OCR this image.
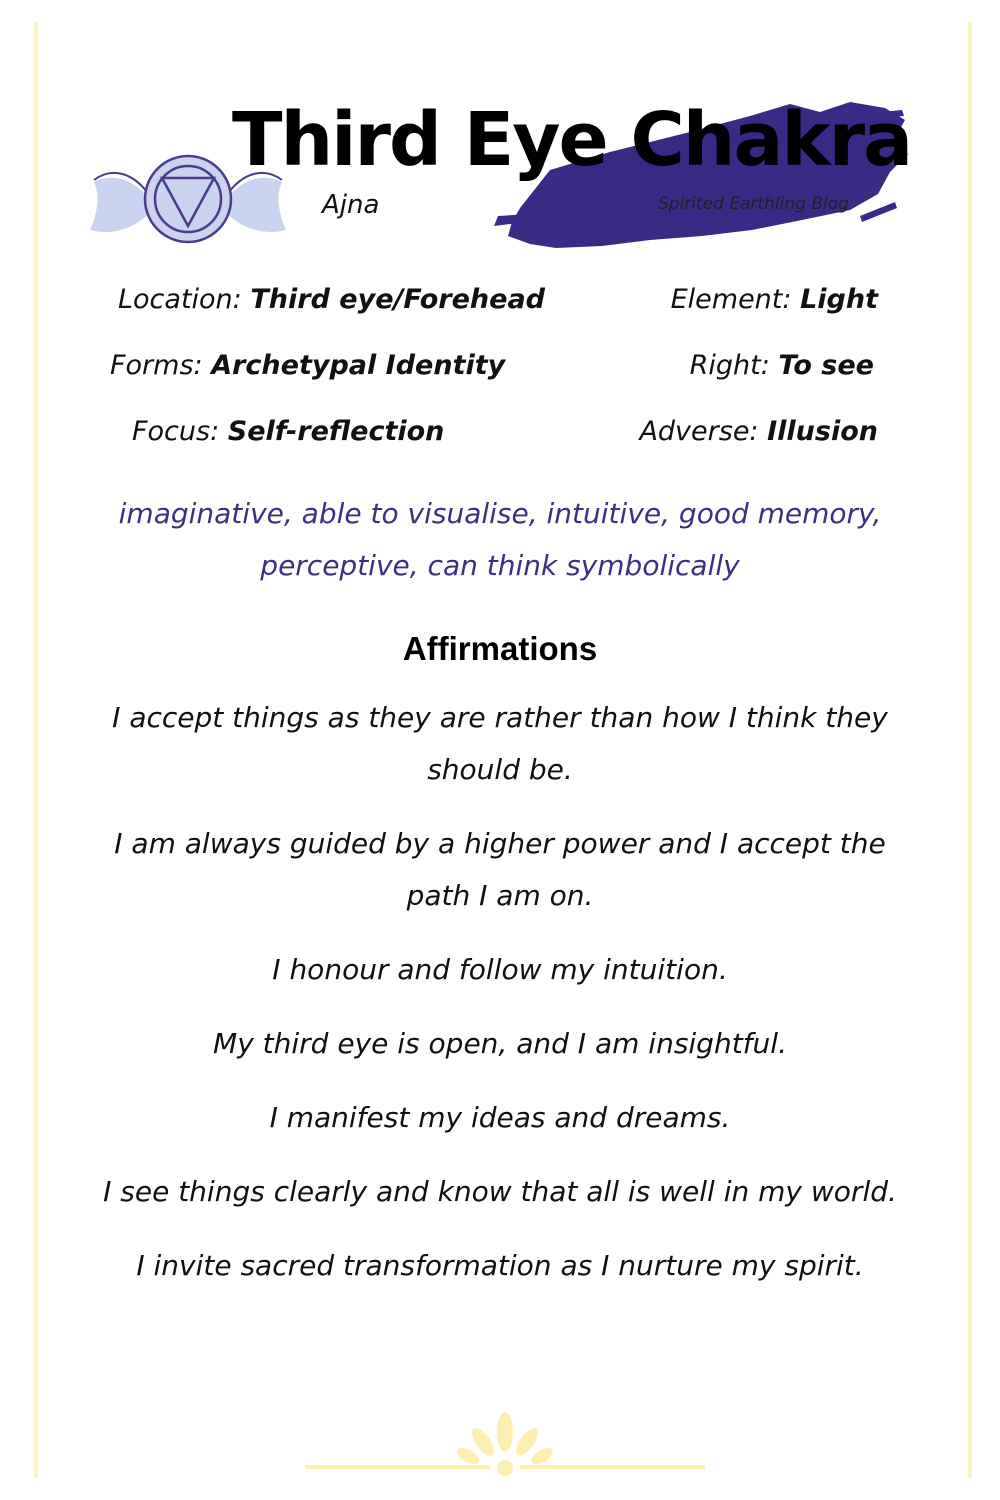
Third Eye Chakra
Ajna	Spirited Earthling Blog
Location: Third eye/Forehead	Element: Light
Forms: Archetypal Identity	Right: To see
Focus: Self-reflection	Adverse: Illusion
imaginative, able to visualise, intuitive, good memory, perceptive, can think symbolically
Affirmations
I accept things as they are rather than how I think they should be.
I am always guided by a higher power and I accept the path I am on.
I honour and follow my intuition.
My third eye is open, and I am insightful.
I manifest my ideas and dreams.
I see things clearly and know that all is well in my world.
I invite sacred transformation as I nurture my spirit.
